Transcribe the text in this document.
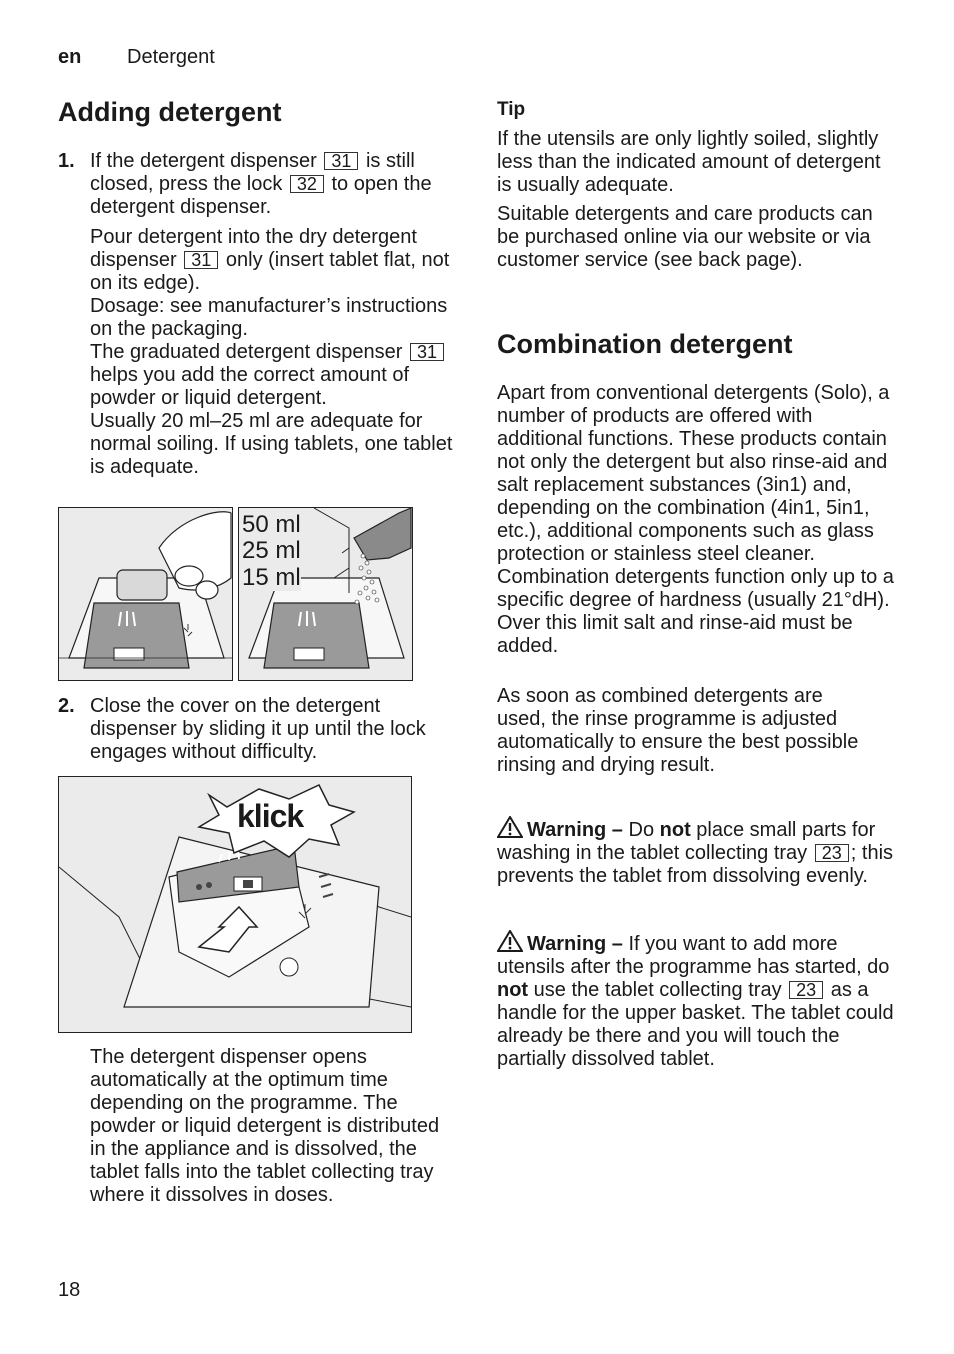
en Detergent
Adding detergent
1. If the detergent dispenser 31 is still closed, press the lock 32 to open the detergent dispenser.

Pour detergent into the dry detergent dispenser 31 only (insert tablet flat, not on its edge).

Dosage: see manufacturer’s instructions on the packaging.

The graduated detergent dispenser 31 helps you add the correct amount of powder or liquid detergent.

Usually 20 ml–25 ml are adequate for normal soiling. If using tablets, one tablet is adequate.

50 ml
25 ml
15 ml
2. Close the cover on the detergent dispenser by sliding it up until the lock engages without difficulty.

klick

The detergent dispenser opens automatically at the optimum time depending on the programme. The powder or liquid detergent is distributed in the appliance and is dissolved, the tablet falls into the tablet collecting tray where it dissolves in doses.

Tip

If the utensils are only lightly soiled, slightly less than the indicated amount of detergent is usually adequate.

Suitable detergents and care products can be purchased online via our website or via customer service (see back page).

Combination detergent

Apart from conventional detergents (Solo), a number of products are offered with additional functions. These products contain not only the detergent but also rinse-aid and salt replacement substances (3in1) and, depending on the combination (4in1, 5in1, etc.), additional components such as glass protection or stainless steel cleaner. Combination detergents function only up to a specific degree of hardness (usually 21°dH). Over this limit salt and rinse-aid must be added.

As soon as combined detergents are used, the rinse programme is adjusted automatically to ensure the best possible rinsing and drying result.

Warning – Do not place small parts for washing in the tablet collecting tray 23 ; this prevents the tablet from dissolving evenly.

Warning – If you want to add more utensils after the programme has started, do not use the tablet collecting tray 23 as a handle for the upper basket. The tablet could already be there and you will touch the partially dissolved tablet.

18
